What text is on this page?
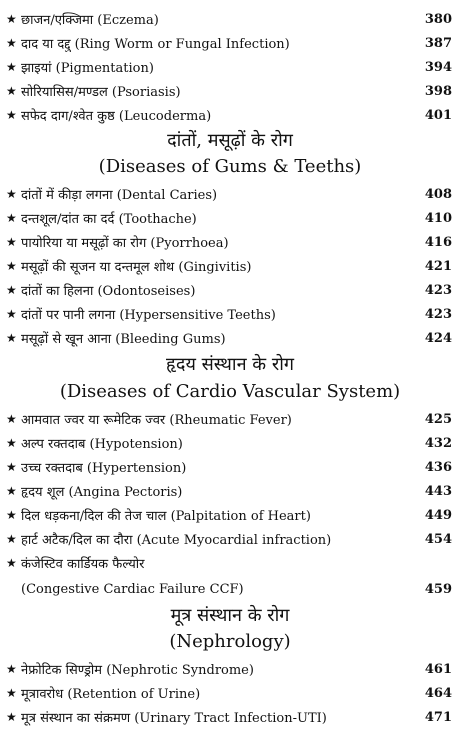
★ छाजन/एक्जिमा (Eczema)	380
★ दाद या दद्दु (Ring Worm or Fungal Infection)	387
★ झाइयां (Pigmentation)	394
★ सोरियासिस/मण्डल (Psoriasis)	398
★ सफेद दाग/श्वेत कुष्ठ (Leucoderma)	401
दांतों, मसूढ़ों के रोग
(Diseases of Gums & Teeths)
★ दांतों में कीड़ा लगना (Dental Caries)	408
★ दन्तशूल/दांत का दर्द (Toothache)	410
★ पायोरिया या मसूढ़ों का रोग (Pyorrhoea)	416
★ मसूढ़ों की सूजन या दन्तमूल शोथ (Gingivitis)	421
★ दांतों का हिलना (Odontoseises)	423
★ दांतों पर पानी लगना (Hypersensitive Teeths)	423
★ मसूढ़ों से खून आना (Bleeding Gums)	424
हृदय संस्थान के रोग
(Diseases of Cardio Vascular System)
★ आमवात ज्वर या रूमेटिक ज्वर (Rheumatic Fever)	425
★ अल्प रक्तदाब (Hypotension)	432
★ उच्च रक्तदाब (Hypertension)	436
★ हृदय शूल (Angina Pectoris)	443
★ दिल धड़कना/दिल की तेज चाल (Palpitation of Heart)	449
★ हार्ट अटैक/दिल का दौरा (Acute Myocardial infraction)	454
★ कंजेस्टिव कार्डियक फैल्योर
(Congestive Cardiac Failure CCF)	459
मूत्र संस्थान के रोग
(Nephrology)
★ नेफ्रोटिक सिण्ड्रोम (Nephrotic Syndrome)	461
★ मूत्रावरोध (Retention of Urine)	464
★ मूत्र संस्थान का संक्रमण (Urinary Tract Infection-UTI)	471
